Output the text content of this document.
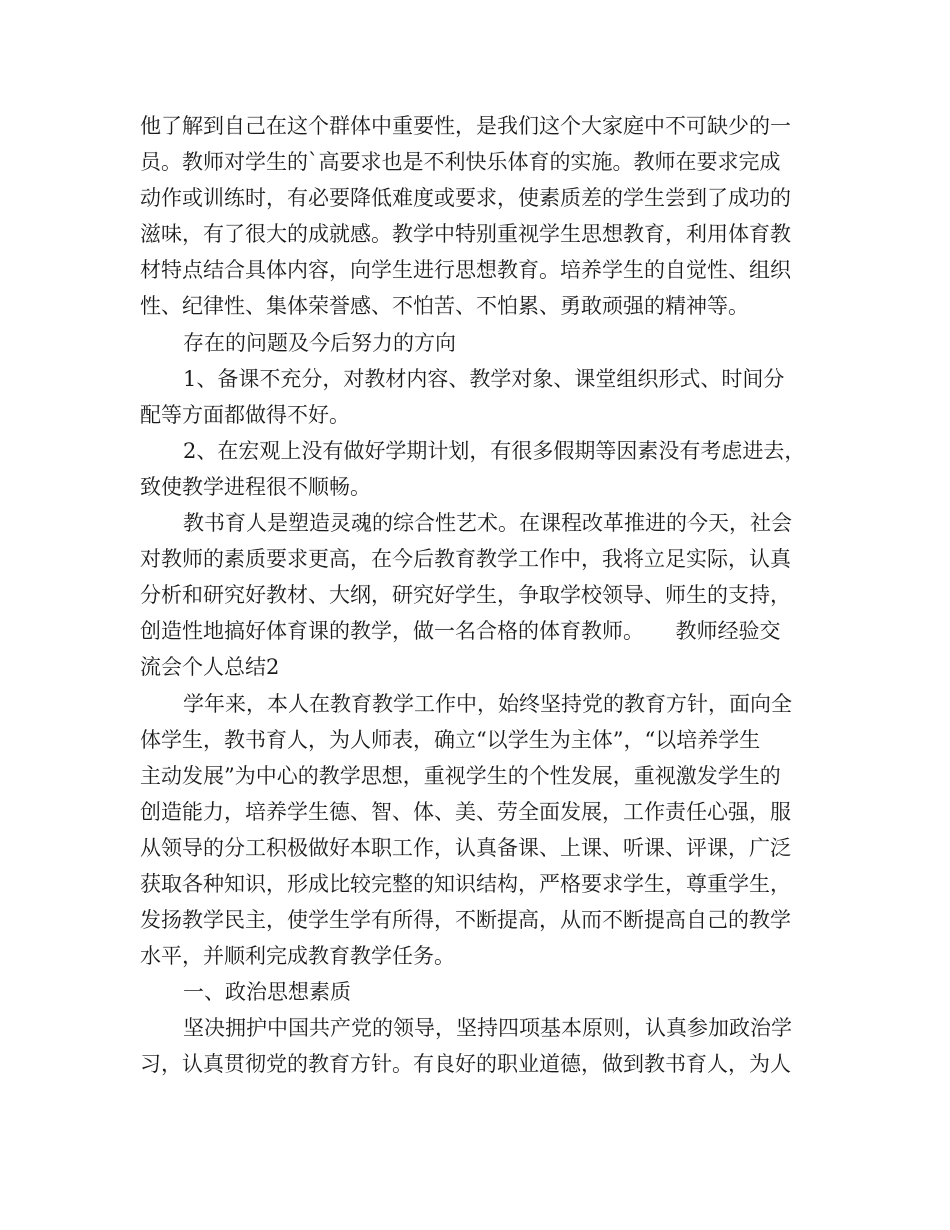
他了解到自己在这个群体中重要性，是我们这个大家庭中不可缺少的一
员。教师对学生的`高要求也是不利快乐体育的实施。教师在要求完成
动作或训练时，有必要降低难度或要求，使素质差的学生尝到了成功的
滋味，有了很大的成就感。教学中特别重视学生思想教育，利用体育教
材特点结合具体内容，向学生进行思想教育。培养学生的自觉性、组织
性、纪律性、集体荣誉感、不怕苦、不怕累、勇敢顽强的精神等。
存在的问题及今后努力的方向
1、备课不充分，对教材内容、教学对象、课堂组织形式、时间分
配等方面都做得不好。
2、在宏观上没有做好学期计划，有很多假期等因素没有考虑进去，
致使教学进程很不顺畅。
教书育人是塑造灵魂的综合性艺术。在课程改革推进的今天，社会
对教师的素质要求更高，在今后教育教学工作中，我将立足实际，认真
分析和研究好教材、大纲，研究好学生，争取学校领导、师生的支持，
创造性地搞好体育课的教学，做一名合格的体育教师。　　教师经验交
流会个人总结2
学年来，本人在教育教学工作中，始终坚持党的教育方针，面向全
体学生，教书育人，为人师表，确立“以学生为主体”，“以培养学生
主动发展”为中心的教学思想，重视学生的个性发展，重视激发学生的
创造能力，培养学生德、智、体、美、劳全面发展，工作责任心强，服
从领导的分工积极做好本职工作，认真备课、上课、听课、评课，广泛
获取各种知识，形成比较完整的知识结构，严格要求学生，尊重学生，
发扬教学民主，使学生学有所得，不断提高，从而不断提高自己的教学
水平，并顺利完成教育教学任务。
一、政治思想素质
坚决拥护中国共产党的领导，坚持四项基本原则，认真参加政治学
习，认真贯彻党的教育方针。有良好的职业道德，做到教书育人，为人
